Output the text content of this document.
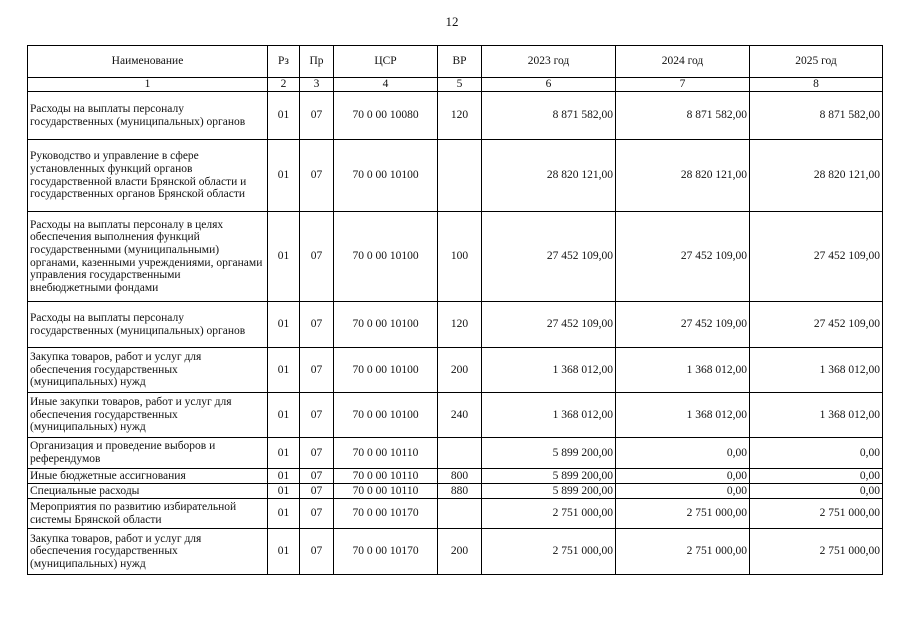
12
Наименование	Рз	Пр	ЦСР	ВР	2023 год	2024 год	2025 год
1	2	3	4	5	6	7	8
Расходы на выплаты персоналу государственных (муниципальных) органов	01	07	70 0 00 10080	120	8 871 582,00	8 871 582,00	8 871 582,00
Руководство и управление в сфере установленных функций органов государственной власти Брянской области и государственных органов Брянской области	01	07	70 0 00 10100		28 820 121,00	28 820 121,00	28 820 121,00
Расходы на выплаты персоналу в целях обеспечения выполнения функций государственными (муниципальными) органами, казенными учреждениями, органами управления государственными внебюджетными фондами	01	07	70 0 00 10100	100	27 452 109,00	27 452 109,00	27 452 109,00
Расходы на выплаты персоналу государственных (муниципальных) органов	01	07	70 0 00 10100	120	27 452 109,00	27 452 109,00	27 452 109,00
Закупка товаров, работ и услуг для обеспечения государственных (муниципальных) нужд	01	07	70 0 00 10100	200	1 368 012,00	1 368 012,00	1 368 012,00
Иные закупки товаров, работ и услуг для обеспечения государственных (муниципальных) нужд	01	07	70 0 00 10100	240	1 368 012,00	1 368 012,00	1 368 012,00
Организация и проведение выборов и референдумов	01	07	70 0 00 10110		5 899 200,00	0,00	0,00
Иные бюджетные ассигнования	01	07	70 0 00 10110	800	5 899 200,00	0,00	0,00
Специальные расходы	01	07	70 0 00 10110	880	5 899 200,00	0,00	0,00
Мероприятия по развитию избирательной системы Брянской области	01	07	70 0 00 10170		2 751 000,00	2 751 000,00	2 751 000,00
Закупка товаров, работ и услуг для обеспечения государственных (муниципальных) нужд	01	07	70 0 00 10170	200	2 751 000,00	2 751 000,00	2 751 000,00
